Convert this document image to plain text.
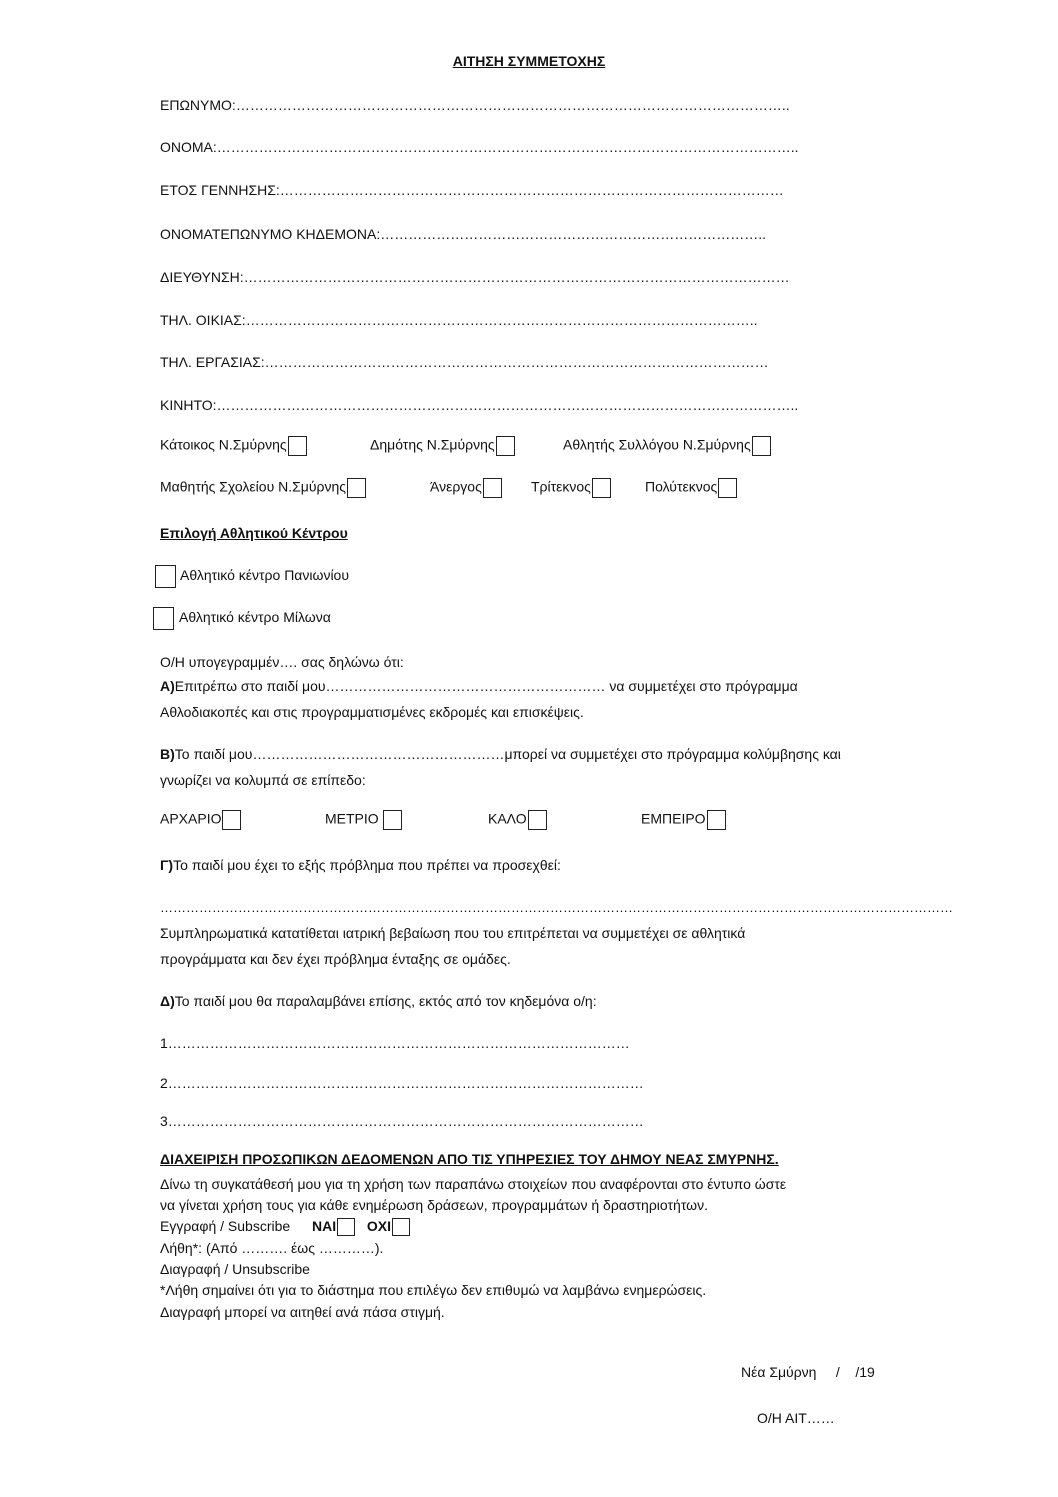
ΑΙΤΗΣΗ ΣΥΜΜΕΤΟΧΗΣ
ΕΠΩΝΥΜΟ:………………………………………………………………………………………………………..
ΟΝΟΜΑ:……………………………………………………………………………………………………………..
ΕΤΟΣ ΓΕΝΝΗΣΗΣ:………………………………………………………………………………………………
ΟΝΟΜΑΤΕΠΩΝΥΜΟ ΚΗΔΕΜΟΝΑ:………………………………………………………………………..
ΔΙΕΥΘΥΝΣΗ:………………………………………………………………………………………………………
ΤΗΛ. ΟΙΚΙΑΣ:………………………………………………………………………………………………..
ΤΗΛ. ΕΡΓΑΣΙΑΣ:………………………………………………………………………………………………
ΚΙΝΗΤΟ:……………………………………………………………………………………………………………..
Κάτοικος Ν.Σμύρνης	Δημότης Ν.Σμύρνης	Αθλητής Συλλόγου Ν.Σμύρνης
Μαθητής Σχολείου Ν.Σμύρνης	Άνεργος	Τρίτεκνος	Πολύτεκνος
Επιλογή Αθλητικού Κέντρου
Αθλητικό κέντρο Πανιωνίου
Αθλητικό κέντρο Μίλωνα
Ο/Η υπογεγραμμέν…. σας δηλώνω ότι:
Α)Επιτρέπω στο παιδί μου…………………………………………………… να συμμετέχει στο πρόγραμμα
Αθλοδιακοπές και στις προγραμματισμένες εκδρομές και επισκέψεις.
Β)Το παιδί μου………………………………………………μπορεί να συμμετέχει στο πρόγραμμα κολύμβησης και
γνωρίζει να κολυμπά σε επίπεδο:
ΑΡΧΑΡΙΟ	ΜΕΤΡΙΟ	ΚΑΛΟ	ΕΜΠΕΙΡΟ
Γ)Το παιδί μου έχει το εξής πρόβλημα που πρέπει να προσεχθεί:
…………………………………………………………………………………………………………………………………………………………………
Συμπληρωματικά κατατίθεται ιατρική βεβαίωση που του επιτρέπεται να συμμετέχει σε αθλητικά
προγράμματα και δεν έχει πρόβλημα ένταξης σε ομάδες.
Δ)Το παιδί μου θα παραλαμβάνει επίσης, εκτός από τον κηδεμόνα ο/η:
1………………………………………………………………………………………
2…………………………………………………………………………………………
3…………………………………………………………………………………………
ΔΙΑΧΕΙΡΙΣΗ ΠΡΟΣΩΠΙΚΩΝ ΔΕΔΟΜΕΝΩΝ ΑΠΟ ΤΙΣ ΥΠΗΡΕΣΙΕΣ ΤΟΥ ΔΗΜΟΥ ΝΕΑΣ ΣΜΥΡΝΗΣ.
Δίνω τη συγκατάθεσή μου για τη χρήση των παραπάνω στοιχείων που αναφέρονται στο έντυπο ώστε
να γίνεται χρήση τους για κάθε ενημέρωση δράσεων, προγραμμάτων ή δραστηριοτήτων.
Εγγραφή / Subscribe ΝΑΙ ΟΧΙ
Λήθη*: (Από ………. έως …………).
Διαγραφή / Unsubscribe
*Λήθη σημαίνει ότι για το διάστημα που επιλέγω δεν επιθυμώ να λαμβάνω ενημερώσεις.
Διαγραφή μπορεί να αιτηθεί ανά πάσα στιγμή.
Νέα Σμύρνη     /    /19
Ο/Η ΑΙΤ……
